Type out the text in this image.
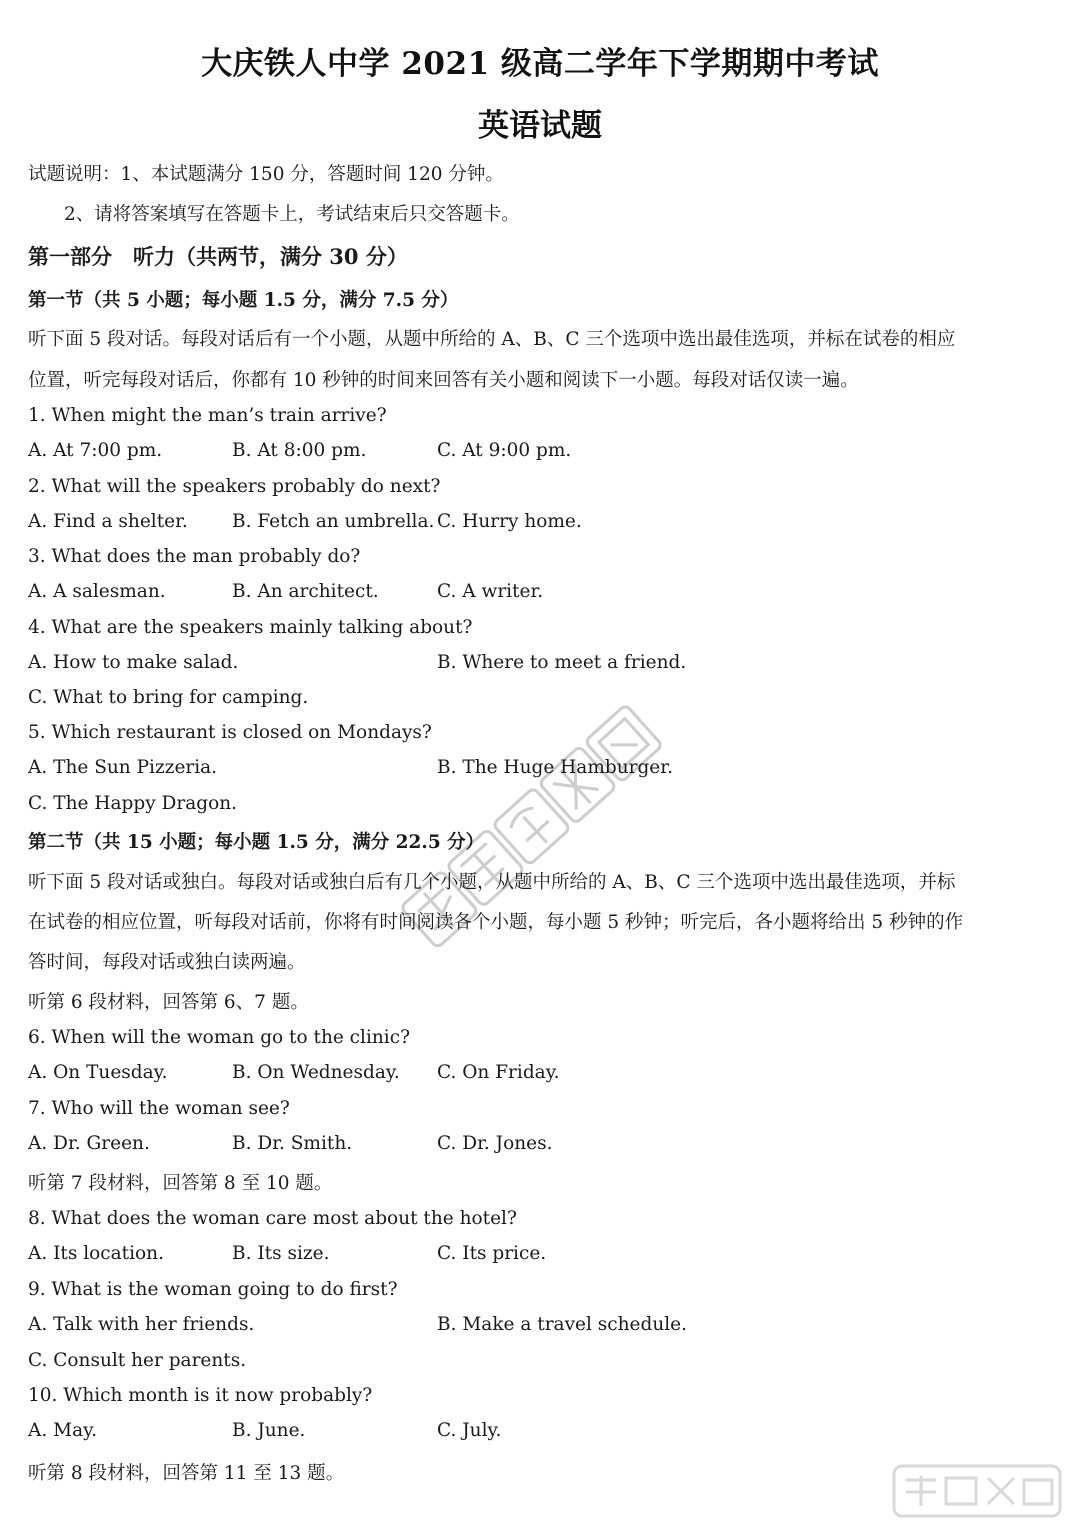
大庆铁人中学 2021 级高二学年下学期期中考试
英语试题
试题说明：1、本试题满分 150 分，答题时间 120 分钟。
2、请将答案填写在答题卡上，考试结束后只交答题卡。
第一部分　听力（共两节，满分 30 分）
第一节（共 5 小题；每小题 1.5 分，满分 7.5 分）
听下面 5 段对话。每段对话后有一个小题，从题中所给的 A、B、C 三个选项中选出最佳选项，并标在试卷的相应
位置，听完每段对话后，你都有 10 秒钟的时间来回答有关小题和阅读下一小题。每段对话仅读一遍。
1. When might the man’s train arrive?
A. At 7:00 pm.	B. At 8:00 pm.	C. At 9:00 pm.
2. What will the speakers probably do next?
A. Find a shelter. B. Fetch an umbrella. C. Hurry home.
3. What does the man probably do?
A. A salesman.	B. An architect.	C. A writer.
4. What are the speakers mainly talking about?
A. How to make salad.	B. Where to meet a friend.
C. What to bring for camping.
5. Which restaurant is closed on Mondays?
A. The Sun Pizzeria.	B. The Huge Hamburger.
C. The Happy Dragon.
第二节（共 15 小题；每小题 1.5 分，满分 22.5 分）
听下面 5 段对话或独白。每段对话或独白后有几个小题，从题中所给的 A、B、C 三个选项中选出最佳选项，并标
在试卷的相应位置，听每段对话前，你将有时间阅读各个小题，每小题 5 秒钟；听完后，各小题将给出 5 秒钟的作
答时间，每段对话或独白读两遍。
听第 6 段材料，回答第 6、7 题。
6. When will the woman go to the clinic?
A. On Tuesday.	B. On Wednesday. C. On Friday.
7. Who will the woman see?
A. Dr. Green.	B. Dr. Smith.	C. Dr. Jones.
听第 7 段材料，回答第 8 至 10 题。
8. What does the woman care most about the hotel?
A. Its location.	B. Its size.	C. Its price.
9. What is the woman going to do first?
A. Talk with her friends.	B. Make a travel schedule.
C. Consult her parents.
10. Which month is it now probably?
A. May.	B. June.	C. July.
听第 8 段材料，回答第 11 至 13 题。
